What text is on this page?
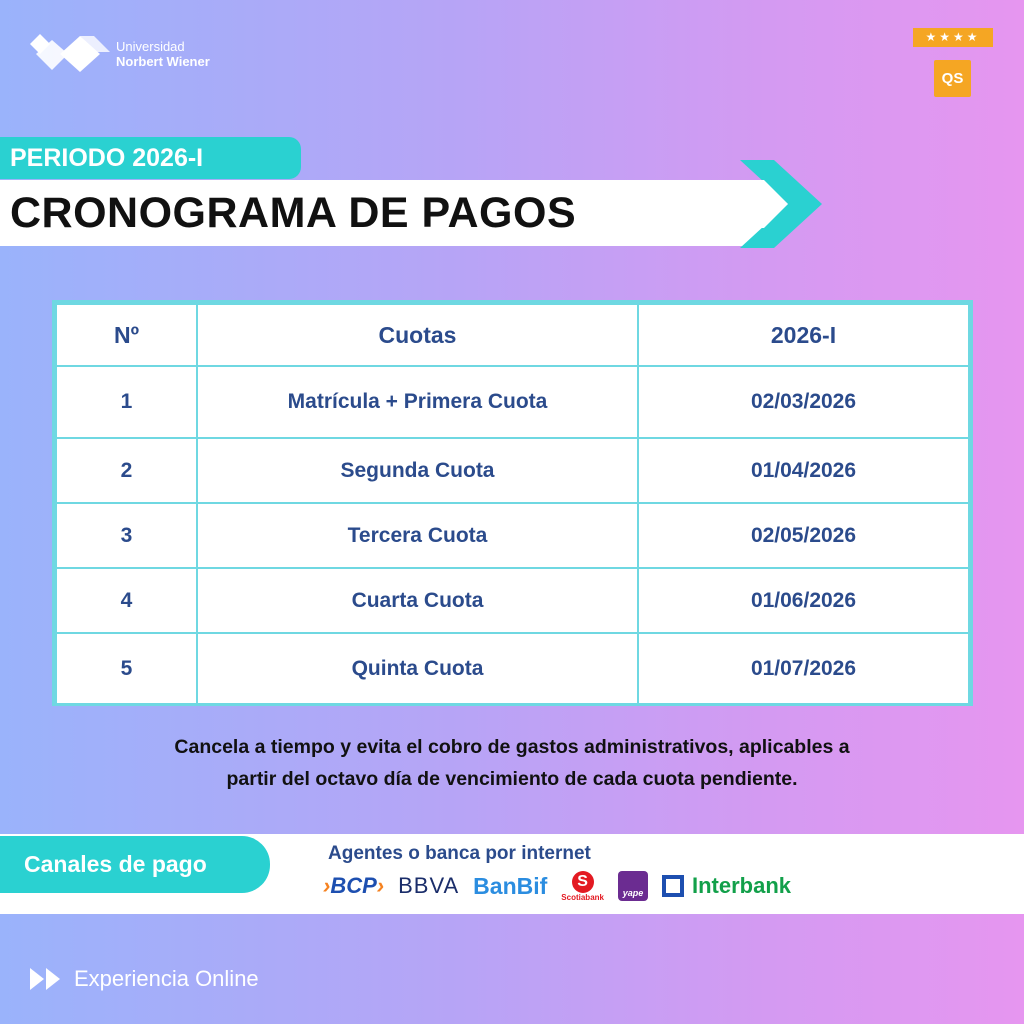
Universidad
Norbert Wiener
★★★★
QS
PERIODO 2026-I
CRONOGRAMA DE PAGOS
Nº	Cuotas	2026-I
1	Matrícula + Primera Cuota	02/03/2026
2	Segunda Cuota	01/04/2026
3	Tercera Cuota	02/05/2026
4	Cuarta Cuota	01/06/2026
5	Quinta Cuota	01/07/2026
Cancela a tiempo y evita el cobro de gastos administrativos, aplicables a
partir del octavo día de vencimiento de cada cuota pendiente.
Canales de pago	Agentes o banca por internet
›BCP› BBVA BanBif	S
Scotiabank	yape Interbank
Experiencia Online
